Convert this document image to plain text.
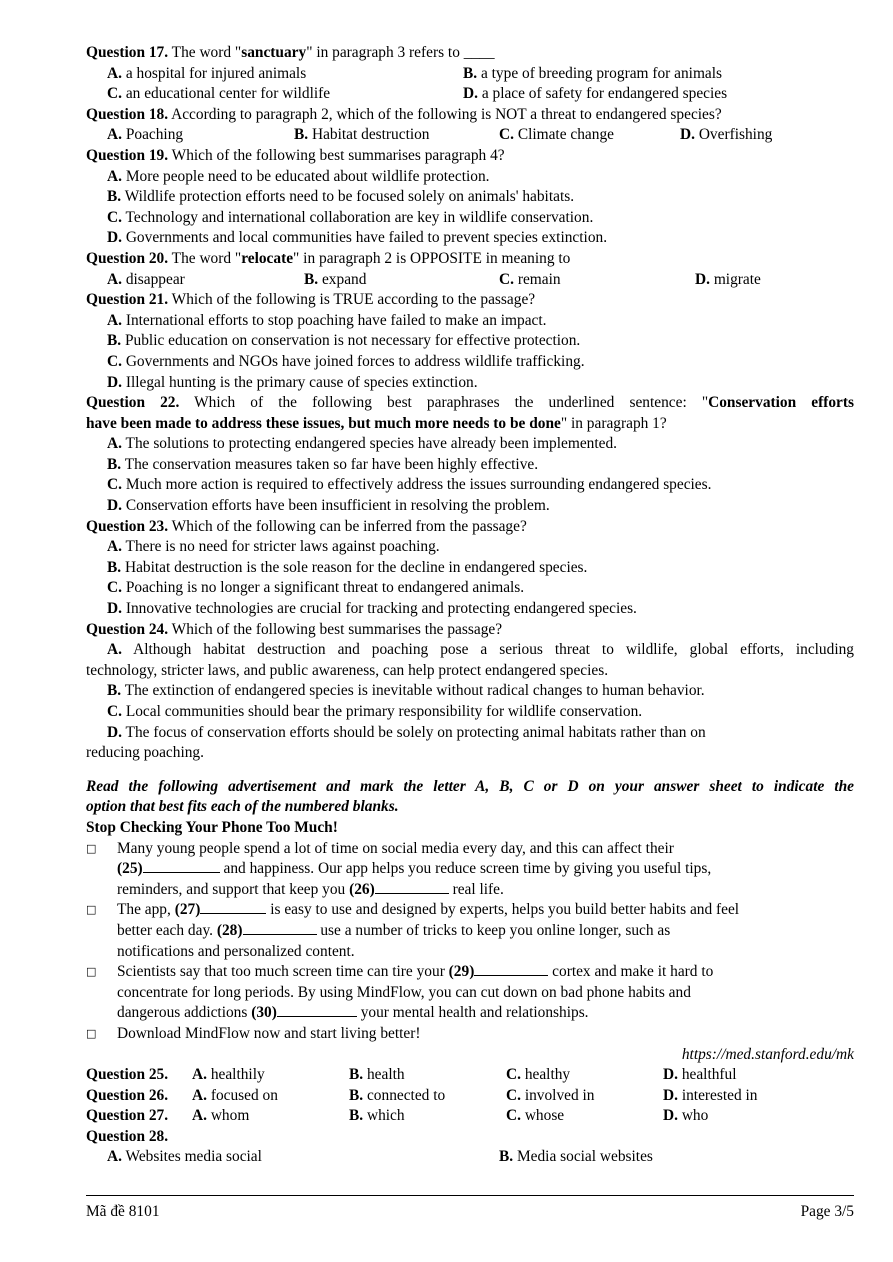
Question 17. The word "sanctuary" in paragraph 3 refers to ____
A. a hospital for injured animals	B. a type of breeding program for animals
C. an educational center for wildlife	D. a place of safety for endangered species
Question 18. According to paragraph 2, which of the following is NOT a threat to endangered species?
A. Poaching	B. Habitat destruction	C. Climate change	D. Overfishing
Question 19. Which of the following best summarises paragraph 4?
A. More people need to be educated about wildlife protection.
B. Wildlife protection efforts need to be focused solely on animals' habitats.
C. Technology and international collaboration are key in wildlife conservation.
D. Governments and local communities have failed to prevent species extinction.
Question 20. The word "relocate" in paragraph 2 is OPPOSITE in meaning to
A. disappear	B. expand	C. remain	D. migrate
Question 21. Which of the following is TRUE according to the passage?
A. International efforts to stop poaching have failed to make an impact.
B. Public education on conservation is not necessary for effective protection.
C. Governments and NGOs have joined forces to address wildlife trafficking.
D. Illegal hunting is the primary cause of species extinction.
Question 22. Which of the following best paraphrases the underlined sentence: "Conservation efforts
have been made to address these issues, but much more needs to be done" in paragraph 1?
A. The solutions to protecting endangered species have already been implemented.
B. The conservation measures taken so far have been highly effective.
C. Much more action is required to effectively address the issues surrounding endangered species.
D. Conservation efforts have been insufficient in resolving the problem.
Question 23. Which of the following can be inferred from the passage?
A. There is no need for stricter laws against poaching.
B. Habitat destruction is the sole reason for the decline in endangered species.
C. Poaching is no longer a significant threat to endangered animals.
D. Innovative technologies are crucial for tracking and protecting endangered species.
Question 24. Which of the following best summarises the passage?
A. Although habitat destruction and poaching pose a serious threat to wildlife, global efforts, including
technology, stricter laws, and public awareness, can help protect endangered species.
B. The extinction of endangered species is inevitable without radical changes to human behavior.
C. Local communities should bear the primary responsibility for wildlife conservation.
D. The focus of conservation efforts should be solely on protecting animal habitats rather than on
reducing poaching.
Read the following advertisement and mark the letter A, B, C or D on your answer sheet to indicate the
option that best fits each of the numbered blanks.
Stop Checking Your Phone Too Much!
□ Many young people spend a lot of time on social media every day, and this can affect their
(25)	and happiness. Our app helps you reduce screen time by giving you useful tips,
reminders, and support that keep you (26)	real life.
□ The app, (27)	is easy to use and designed by experts, helps you build better habits and feel
better each day. (28)	use a number of tricks to keep you online longer, such as
notifications and personalized content.
□ Scientists say that too much screen time can tire your (29)	cortex and make it hard to
concentrate for long periods. By using MindFlow, you can cut down on bad phone habits and
dangerous addictions (30)	your mental health and relationships.
□ Download MindFlow now and start living better!
https://med.stanford.edu/mk
Question 25. A. healthily	B. health	C. healthy	D. healthful
Question 26. A. focused on	B. connected to	C. involved in	D. interested in
Question 27. A. whom	B. which	C. whose	D. who
Question 28.
A. Websites media social	B. Media social websites
Mã đề 8101	Page 3/5
